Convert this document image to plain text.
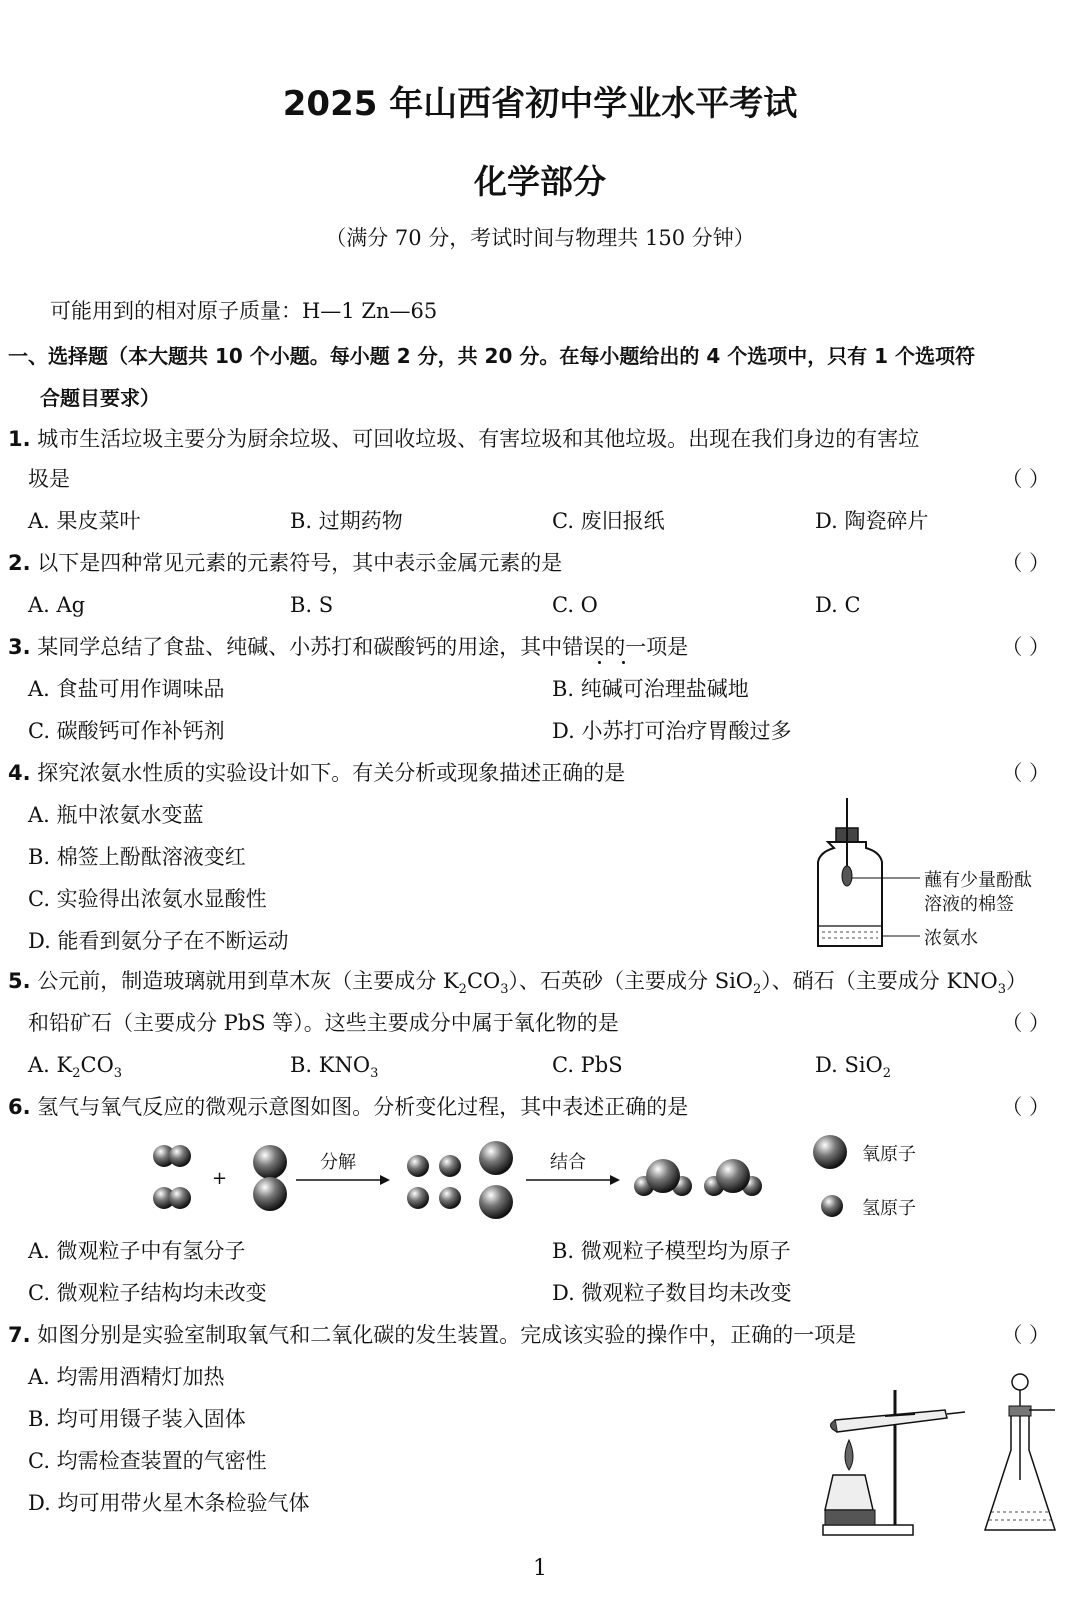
2025 年山西省初中学业水平考试
化学部分
（满分 70 分，考试时间与物理共 150 分钟）
可能用到的相对原子质量：H—1 Zn—65
一、选择题（本大题共 10 个小题。每小题 2 分，共 20 分。在每小题给出的 4 个选项中，只有 1 个选项符
合题目要求）
1. 城市生活垃圾主要分为厨余垃圾、可回收垃圾、有害垃圾和其他垃圾。出现在我们身边的有害垃
圾是	（ ）
A. 果皮菜叶	B. 过期药物	C. 废旧报纸	D. 陶瓷碎片
2. 以下是四种常见元素的元素符号，其中表示金属元素的是	（ ）
A. Ag	B. S	C. O	D. C
3. 某同学总结了食盐、纯碱、小苏打和碳酸钙的用途，其中错误的一项是	（ ）
A. 食盐可用作调味品	B. 纯碱可治理盐碱地
C. 碳酸钙可作补钙剂	D. 小苏打可治疗胃酸过多
4. 探究浓氨水性质的实验设计如下。有关分析或现象描述正确的是	（ ）
A. 瓶中浓氨水变蓝
B. 棉签上酚酞溶液变红
C. 实验得出浓氨水显酸性
D. 能看到氨分子在不断运动
蘸有少量酚酞
溶液的棉签
浓氨水
5. 公元前，制造玻璃就用到草木灰（主要成分 $K_2CO_3$）、石英砂（主要成分 SiO$_2$）、硝石（主要成分 $KNO_3$）
和铅矿石（主要成分 PbS 等）。这些主要成分中属于氧化物的是	（ ）
A. $K_2CO_3$	B. $KNO_3$	C. PbS	D. SiO$_2$
6. 氢气与氧气反应的微观示意图如图。分析变化过程，其中表述正确的是	（ ）
+
分解	结合	氧原子
氢原子
A. 微观粒子中有氢分子	B. 微观粒子模型均为原子
C. 微观粒子结构均未改变	D. 微观粒子数目均未改变
7. 如图分别是实验室制取氧气和二氧化碳的发生装置。完成该实验的操作中，正确的一项是	（ ）
A. 均需用酒精灯加热
B. 均可用镊子装入固体
C. 均需检查装置的气密性
D. 均可用带火星木条检验气体
1
